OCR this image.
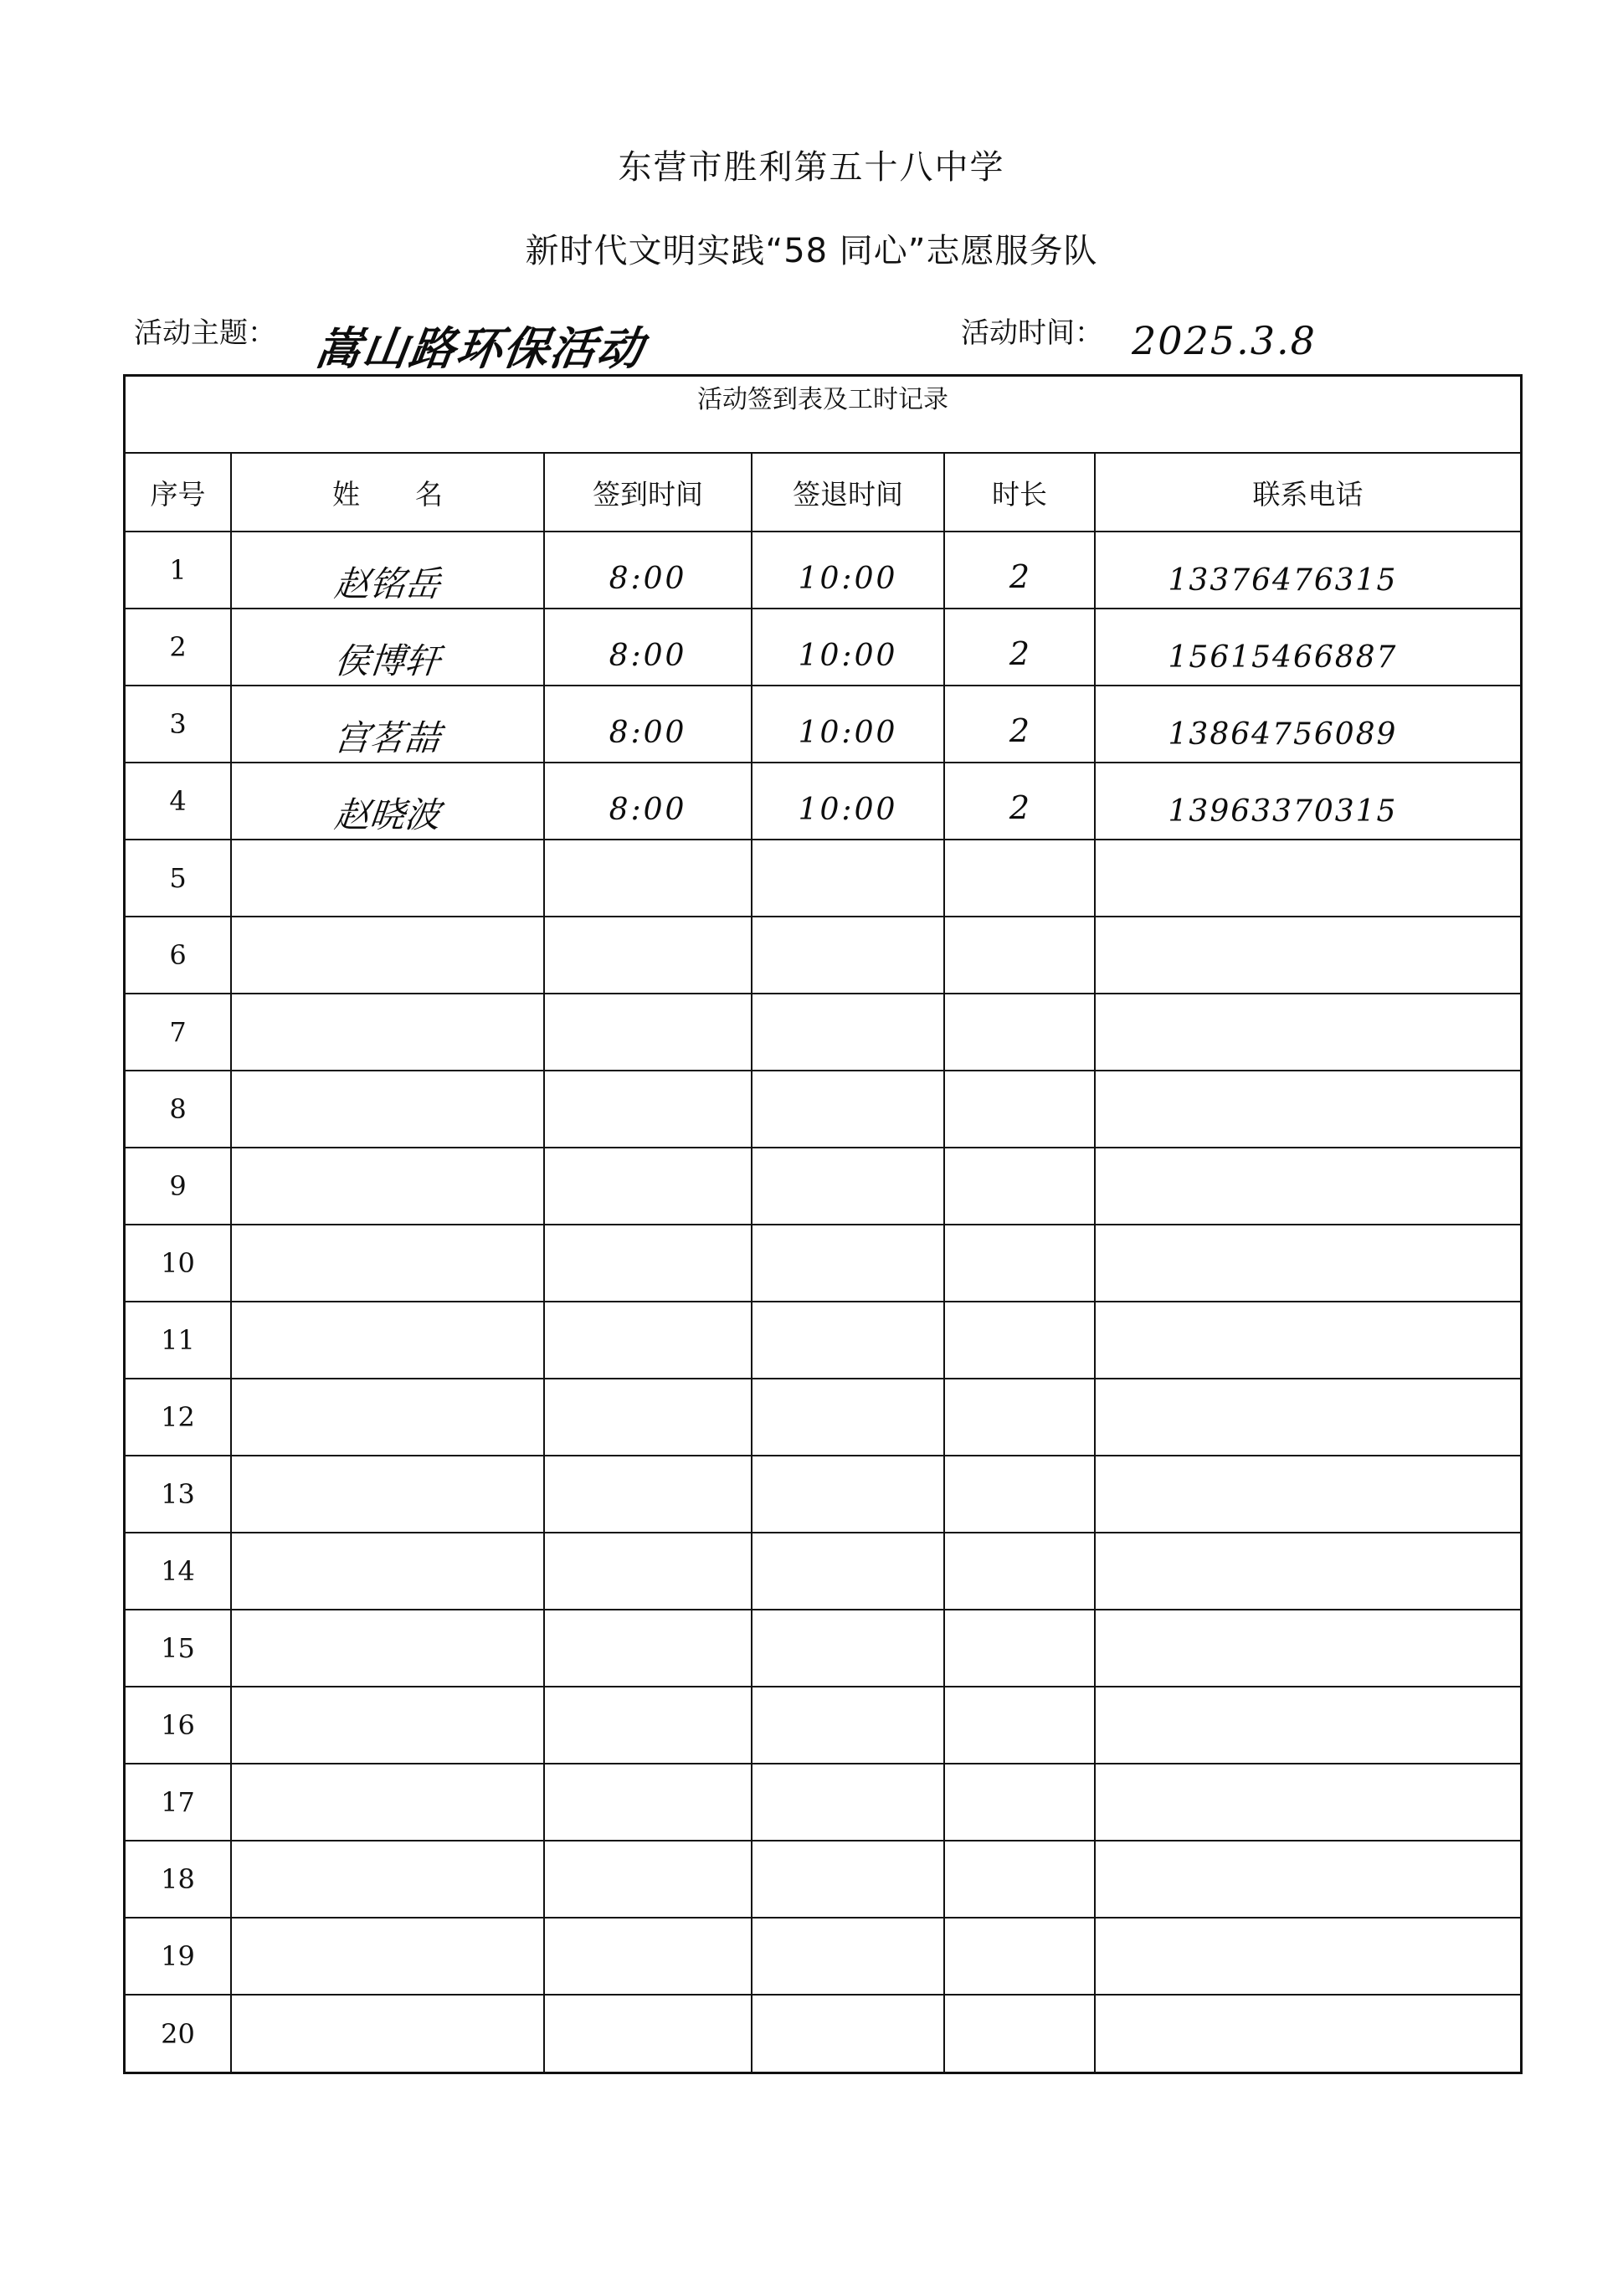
东营市胜利第五十八中学
新时代文明实践“58 同心”志愿服务队
活动主题： 嵩山路环保活动	活动时间： 2025.3.8
活动签到表及工时记录
序号	姓　　名	签到时间	签退时间	时长	联系电话
1	赵铭岳	8:00	10:00	2	13376476315
2	侯博轩	8:00	10:00	2	15615466887
3	宫茗喆	8:00	10:00	2	13864756089
4	赵晓波	8:00	10:00	2	13963370315
5					
6					
7					
8					
9					
10					
11					
12					
13					
14					
15					
16					
17					
18					
19					
20					
